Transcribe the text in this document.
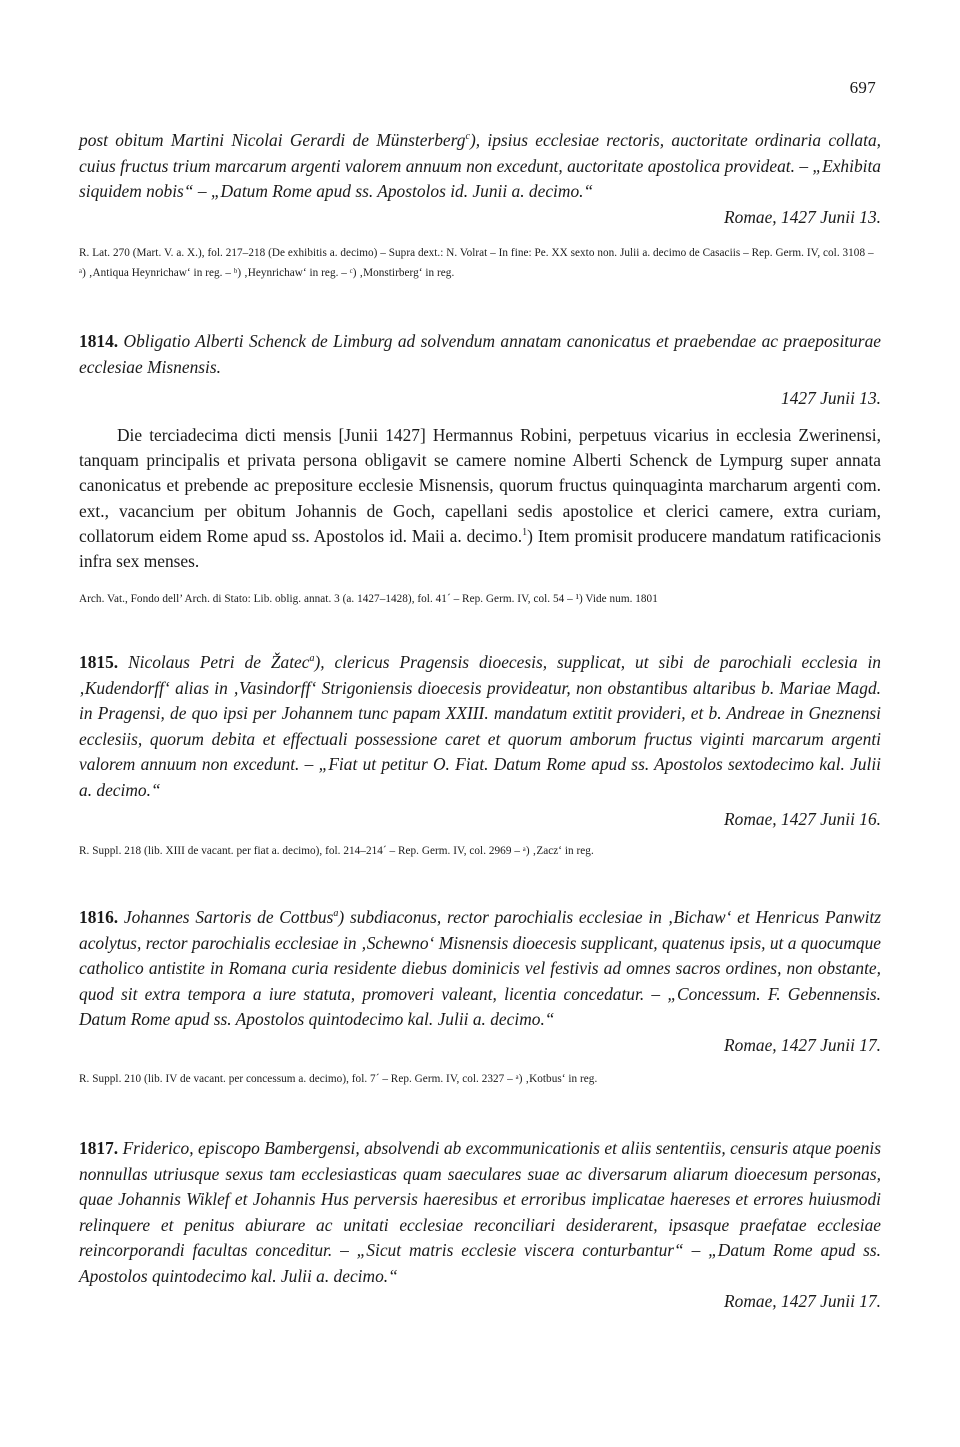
697

post obitum Martini Nicolai Gerardi de Münsterberg$^c$), ipsius ecclesiae rectoris, auctoritate ordinaria collata, cuius fructus trium marcarum argenti valorem annuum non excedunt, auctoritate apostolica provideat. – „Exhibita siquidem nobis“ – „Datum Rome apud ss. Apostolos id. Junii a. decimo.“

Romae, 1427 Junii 13.

R. Lat. 270 (Mart. V. a. X.), fol. 217–218 (De exhibitis a. decimo) – Supra dext.: N. Volrat – In fine: Pe. XX sexto non. Julii a. decimo de Casaciis – Rep. Germ. IV, col. 3108 – ᵃ) ‚Antiqua Heynrichaw‘ in reg. – ᵇ) ‚Heynrichaw‘ in reg. – ᶜ) ‚Monstirberg‘ in reg.

1814. Obligatio Alberti Schenck de Limburg ad solvendum annatam canonicatus et praebendae ac praepositurae ecclesiae Misnensis.

1427 Junii 13.

Die terciadecima dicti mensis [Junii 1427] Hermannus Robini, perpetuus vicarius in ecclesia Zwerinensi, tanquam principalis et privata persona obligavit se camere nomine Alberti Schenck de Lympurg super annata canonicatus et prebende ac prepositure ecclesie Misnensis, quorum fructus quinquaginta marcharum argenti com. ext., vacancium per obitum Johannis de Goch, capellani sedis apostolice et clerici camere, extra curiam, collatorum eidem Rome apud ss. Apostolos id. Maii a. decimo.$^1$) Item promisit producere mandatum ratificacionis infra sex menses.

Arch. Vat., Fondo dell’ Arch. di Stato: Lib. oblig. annat. 3 (a. 1427–1428), fol. 41´ – Rep. Germ. IV, col. 54 – ¹) Vide num. 1801

1815. Nicolaus Petri de Žatec$^a$), clericus Pragensis dioecesis, supplicat, ut sibi de parochiali ecclesia in ‚Kudendorff‘ alias in ‚Vasindorff‘ Strigoniensis dioecesis provideatur, non obstantibus altaribus b. Mariae Magd. in Pragensi, de quo ipsi per Johannem tunc papam XXIII. mandatum extitit provideri, et b. Andreae in Gneznensi ecclesiis, quorum debita et effectuali possessione caret et quorum amborum fructus viginti marcarum argenti valorem annuum non excedunt. – „Fiat ut petitur O. Fiat. Datum Rome apud ss. Apostolos sextodecimo kal. Julii a. decimo.“

Romae, 1427 Junii 16.

R. Suppl. 218 (lib. XIII de vacant. per fiat a. decimo), fol. 214–214´ – Rep. Germ. IV, col. 2969 – ᵃ) ‚Zacz‘ in reg.

1816. Johannes Sartoris de Cottbus$^a$) subdiaconus, rector parochialis ecclesiae in ‚Bichaw‘ et Henricus Panwitz acolytus, rector parochialis ecclesiae in ‚Schewno‘ Misnensis dioecesis supplicant, quatenus ipsis, ut a quocumque catholico antistite in Romana curia residente diebus dominicis vel festivis ad omnes sacros ordines, non obstante, quod sit extra tempora a iure statuta, promoveri valeant, licentia concedatur. – „Concessum. F. Gebennensis. Datum Rome apud ss. Apostolos quintodecimo kal. Julii a. decimo.“

Romae, 1427 Junii 17.

R. Suppl. 210 (lib. IV de vacant. per concessum a. decimo), fol. 7´ – Rep. Germ. IV, col. 2327 – ᵃ) ‚Kotbus‘ in reg.

1817. Friderico, episcopo Bambergensi, absolvendi ab excommunicationis et aliis sententiis, censuris atque poenis nonnullas utriusque sexus tam ecclesiasticas quam saeculares suae ac diversarum aliarum dioecesum personas, quae Johannis Wiklef et Johannis Hus perversis haeresibus et erroribus implicatae haereses et errores huiusmodi relinquere et penitus abiurare ac unitati ecclesiae reconciliari desiderarent, ipsasque praefatae ecclesiae reincorporandi facultas conceditur. – „Sicut matris ecclesie viscera conturbantur“ – „Datum Rome apud ss. Apostolos quintodecimo kal. Julii a. decimo.“

Romae, 1427 Junii 17.
